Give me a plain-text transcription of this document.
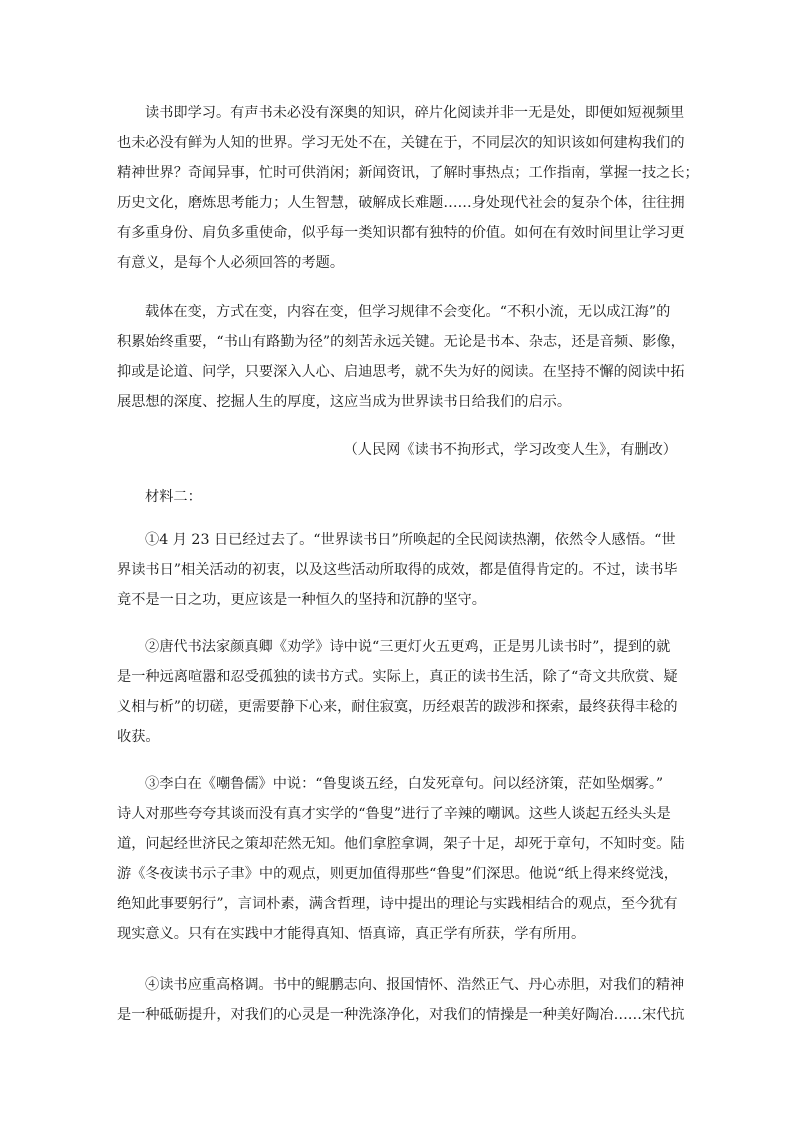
读书即学习。有声书未必没有深奥的知识，碎片化阅读并非一无是处，即便如短视频里
也未必没有鲜为人知的世界。学习无处不在，关键在于，不同层次的知识该如何建构我们的
精神世界？奇闻异事，忙时可供消闲；新闻资讯，了解时事热点；工作指南，掌握一技之长；
历史文化，磨炼思考能力；人生智慧，破解成长难题……身处现代社会的复杂个体，往往拥
有多重身份、肩负多重使命，似乎每一类知识都有独特的价值。如何在有效时间里让学习更
有意义，是每个人必须回答的考题。
载体在变，方式在变，内容在变，但学习规律不会变化。“不积小流，无以成江海”的
积累始终重要，“书山有路勤为径”的刻苦永远关键。无论是书本、杂志，还是音频、影像，
抑或是论道、问学，只要深入人心、启迪思考，就不失为好的阅读。在坚持不懈的阅读中拓
展思想的深度、挖掘人生的厚度，这应当成为世界读书日给我们的启示。
（人民网《读书不拘形式，学习改变人生》，有删改）
材料二：
①4 月 23 日已经过去了。“世界读书日”所唤起的全民阅读热潮，依然令人感悟。“世
界读书日”相关活动的初衷，以及这些活动所取得的成效，都是值得肯定的。不过，读书毕
竟不是一日之功，更应该是一种恒久的坚持和沉静的坚守。
②唐代书法家颜真卿《劝学》诗中说“三更灯火五更鸡，正是男儿读书时”，提到的就
是一种远离喧嚣和忍受孤独的读书方式。实际上，真正的读书生活，除了“奇文共欣赏、疑
义相与析”的切磋，更需要静下心来，耐住寂寞，历经艰苦的跋涉和探索，最终获得丰稔的
收获。
③李白在《嘲鲁儒》中说：“鲁叟谈五经，白发死章句。问以经济策，茫如坠烟雾。”
诗人对那些夸夸其谈而没有真才实学的“鲁叟”进行了辛辣的嘲讽。这些人谈起五经头头是
道，问起经世济民之策却茫然无知。他们拿腔拿调，架子十足，却死于章句，不知时变。陆
游《冬夜读书示子聿》中的观点，则更加值得那些“鲁叟”们深思。他说“纸上得来终觉浅，
绝知此事要躬行”，言词朴素，满含哲理，诗中提出的理论与实践相结合的观点，至今犹有
现实意义。只有在实践中才能得真知、悟真谛，真正学有所获，学有所用。
④读书应重高格调。书中的鲲鹏志向、报国情怀、浩然正气、丹心赤胆，对我们的精神
是一种砥砺提升，对我们的心灵是一种洗涤净化，对我们的情操是一种美好陶冶……宋代抗
